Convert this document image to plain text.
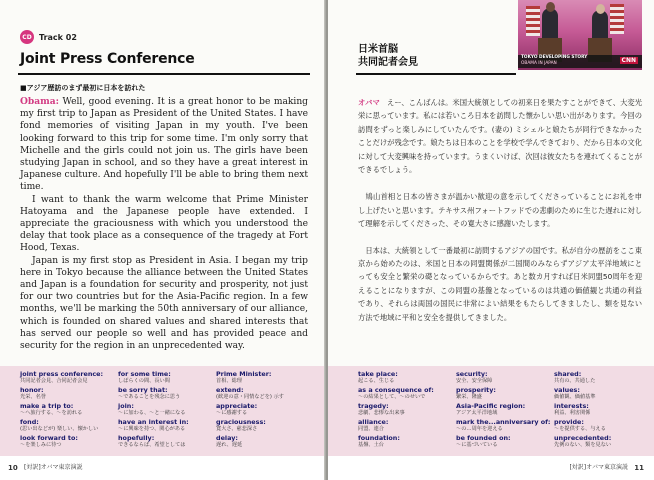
CD Track 02
Joint Press Conference
■アジア歴訪のまず最初に日本を訪れた

Obama: Well, good evening. It is a great honor to be making my first trip to Japan as President of the United States. I have fond memories of visiting Japan in my youth. I've been looking forward to this trip for some time. I'm only sorry that Michelle and the girls could not join us. The girls have been studying Japan in school, and so they have a great interest in Japanese culture. And hopefully I'll be able to bring them next time.

I want to thank the warm welcome that Prime Minister Hatoyama and the Japanese people have extended. I appreciate the graciousness with which you understood the delay that took place as a consequence of the tragedy at Fort Hood, Texas.

Japan is my first stop as President in Asia. I began my trip here in Tokyo because the alliance between the United States and Japan is a foundation for security and prosperity, not just for our two countries but for the Asia-Pacific region. In a few months, we'll be marking the 50th anniversary of our alliance, which is founded on shared values and shared interests that has served our people so well and has provided peace and security for the region in an unprecedented way.

joint press conference:
共同記者会見、合同記者会見
honor:
光栄、名誉
make a trip to:
〜へ旅行する、〜を訪れる
fond:
(思い出などが) 楽しい、懐かしい
look forward to:
〜を楽しみに待つ
for some time:
しばらくの間、長い間
be sorry that:
〜であることを残念に思う
join:
〜に加わる、〜と一緒になる
have an interest in:
〜に興味を持つ、関心がある
hopefully:
できるならば、希望としては
Prime Minister:
首相、総理
extend:
(歓迎の意・同情などを) 示す
appreciate:
〜に感謝する
graciousness:
寛大さ、慈悲深さ
delay:
遅れ、遅延
10 [対訳]オバマ東京演説
日米首脳
共同記者会見	TOKYO DEVELOPING STORY
OBAMA IN JAPAN	CNN

オバマ　 えー、こんばんは。米国大統領としての初来日を果たすことができて、大変光栄に思っています。私には若いころ日本を訪問した懐かしい思い出があります。今回の訪問をずっと楽しみにしていたんです。(妻の) ミシェルと娘たちが同行できなかったことだけが残念です。娘たちは日本のことを学校で学んできており、だから日本の文化に対して大変興味を持っています。うまくいけば、次回は彼女たちを連れてくることができるでしょう。

　鳩山首相と日本の皆さまが温かい歓迎の意を示してくださっていることにお礼を申し上げたいと思います。テキサス州フォートフッドでの悲劇のために生じた遅れに対して理解を示してくださった、その寛大さに感謝いたします。

　日本は、大統領として一番最初に訪問するアジアの国です。私が自分の歴訪をここ東京から始めたのは、米国と日本の同盟関係が二国間のみならずアジア太平洋地域にとっても安全と繁栄の礎となっているからです。あと数カ月すれば日米同盟50周年を迎えることになりますが、この同盟の基盤となっているのは共通の価値観と共通の利益であり、それらは両国の国民に非常によい結果をもたらしてきましたし、類を見ない方法で地域に平和と安全を提供してきました。

take place:
起こる、生じる
as a consequence of:
〜の結果として、〜のせいで
tragedy:
悲劇、悲惨な出来事
alliance:
同盟、連合
foundation:
基盤、土台
security:
安全、安全保障
prosperity:
繁栄、隆盛
Asia-Pacific region:
アジア太平洋地域
mark the...anniversary of:
〜の…周年を迎える
be founded on:
〜に基づいている
shared:
共有の、共通した
values:
価値観、価値基準
interests:
利益、利害関係
provide:
〜を提供する、与える
unprecedented:
先例のない、類を見ない
[対訳]オバマ東京演説 11
